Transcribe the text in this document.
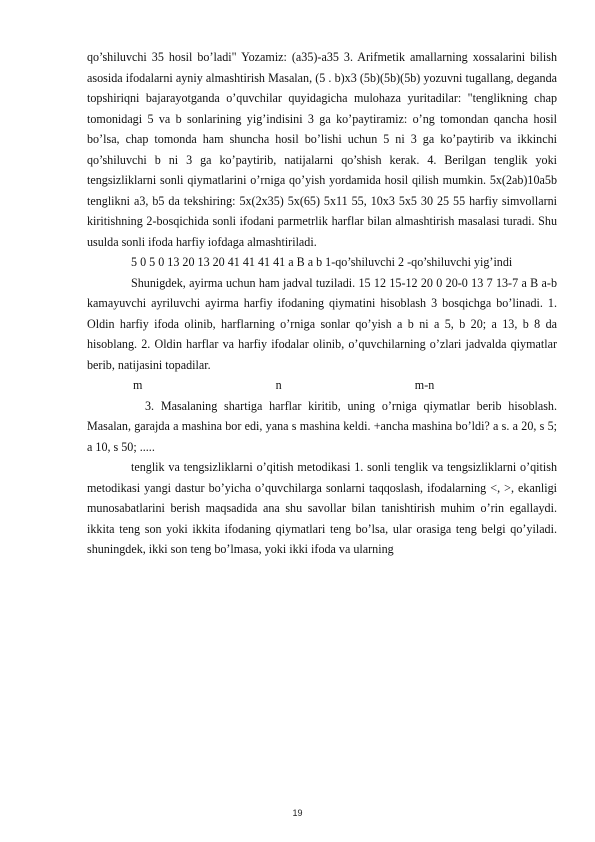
qo’shiluvchi 35 hosil bo’ladi" Yozamiz: (a35)-a35 3. Arifmetik amallarning xossalarini bilish asosida ifodalarni ayniy almashtirish Masalan, (5 . b)x3 (5b)(5b)(5b) yozuvni tugallang, deganda topshiriqni bajarayotganda o’quvchilar quyidagicha mulohaza yuritadilar: "tenglikning chap tomonidagi 5 va b sonlarining yig’indisini 3 ga ko’paytiramiz: o’ng tomondan qancha hosil bo’lsa, chap tomonda ham shuncha hosil bo’lishi uchun 5 ni 3 ga ko’paytirib va ikkinchi qo’shiluvchi b ni 3 ga ko’paytirib, natijalarni qo’shish kerak. 4. Berilgan tenglik yoki tengsizliklarni sonli qiymatlarini o’rniga qo’yish yordamida hosil qilish mumkin. 5x(2ab)10a5b tenglikni a3, b5 da tekshiring: 5x(2x35) 5x(65) 5x11 55, 10x3 5x5 30 25 55 harfiy simvollarni kiritishning 2-bosqichida sonli ifodani parmetrlik harflar bilan almashtirish masalasi turadi. Shu usulda sonli ifoda harfiy iofdaga almashtiriladi.

5 0 5 0 13 20 13 20 41 41 41 41 a B a b 1-qo’shiluvchi 2 -qo’shiluvchi yig’indi

Shunigdek, ayirma uchun ham jadval tuziladi. 15 12 15-12 20 0 20-0 13 7 13-7 a B a-b kamayuvchi ayriluvchi ayirma harfiy ifodaning qiymatini hisoblash 3 bosqichga bo’linadi. 1. Oldin harfiy ifoda olinib, harflarning o’rniga sonlar qo’yish a b ni a 5, b 20; a 13, b 8 da hisoblang. 2. Oldin harflar va harfiy ifodalar olinib, o’quvchilarning o’zlari jadvalda qiymatlar berib, natijasini topadilar.

m       n       m-n

3. Masalaning shartiga harflar kiritib, uning o’rniga qiymatlar berib hisoblash. Masalan, garajda a mashina bor edi, yana s mashina keldi. +ancha mashina bo’ldi? a s. a 20, s 5; a 10, s 50; .....

tenglik va tengsizliklarni o’qitish metodikasi 1. sonli tenglik va tengsizliklarni o’qitish metodikasi yangi dastur bo’yicha o’quvchilarga sonlarni taqqoslash, ifodalarning <, >, ekanligi munosabatlarini berish maqsadida ana shu savollar bilan tanishtirish muhim o’rin egallaydi. ikkita teng son yoki ikkita ifodaning qiymatlari teng bo’lsa, ular orasiga teng belgi qo’yiladi. shuningdek, ikki son teng bo’lmasa, yoki ikki ifoda va ularning

19
